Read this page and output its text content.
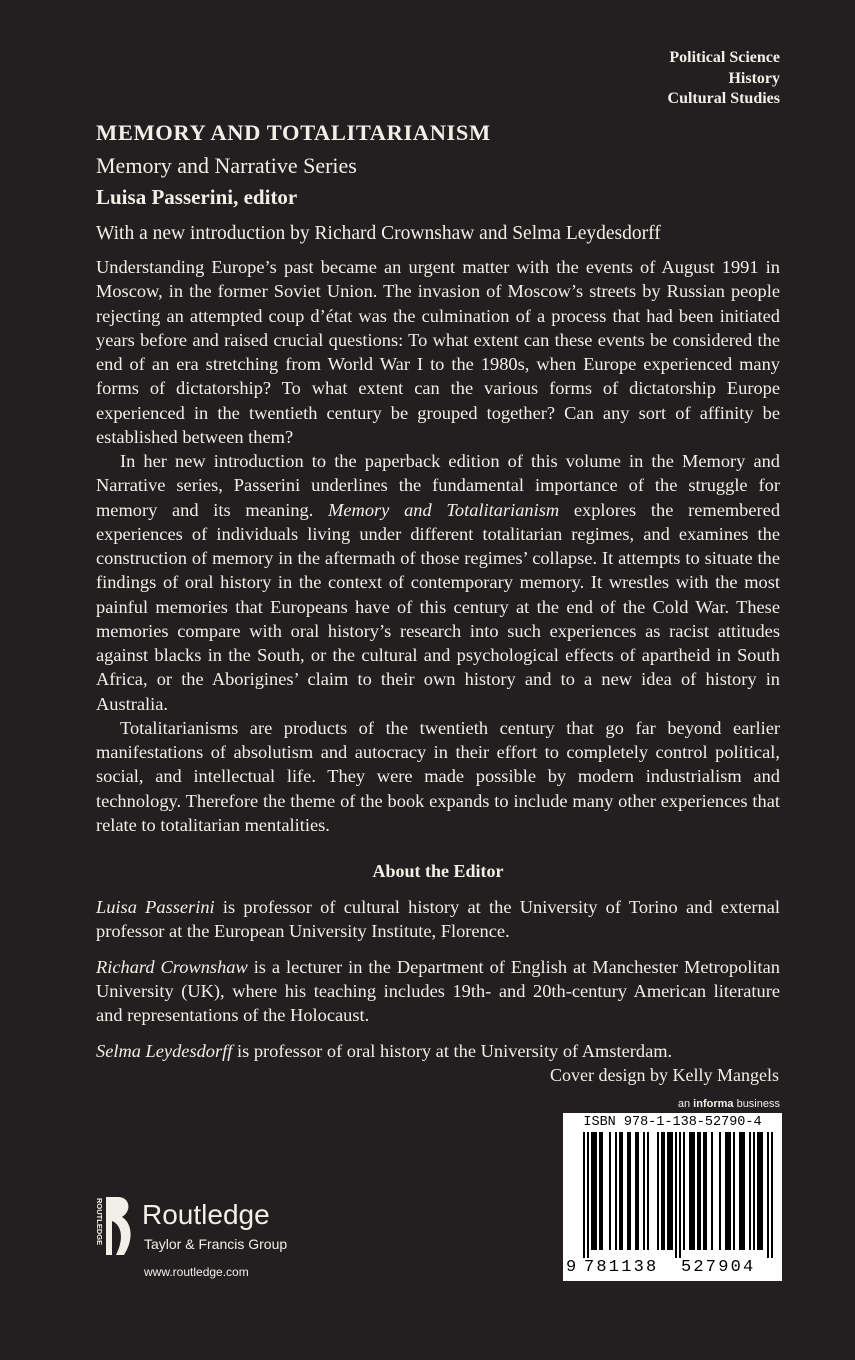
Political Science
History
Cultural Studies
MEMORY AND TOTALITARIANISM
Memory and Narrative Series
Luisa Passerini, editor
With a new introduction by Richard Crownshaw and Selma Leydesdorff

Understanding Europe’s past became an urgent matter with the events of August 1991 in Moscow, in the former Soviet Union. The invasion of Moscow’s streets by Russian people rejecting an attempted coup d’état was the culmination of a process that had been initiated years before and raised crucial questions: To what extent can these events be considered the end of an era stretching from World War I to the 1980s, when Europe experienced many forms of dictatorship? To what extent can the various forms of dictatorship Europe experienced in the twentieth century be grouped together? Can any sort of affinity be established between them?

In her new introduction to the paperback edition of this volume in the Memory and Narrative series, Passerini underlines the fundamental importance of the struggle for memory and its meaning. Memory and Totalitarianism explores the remembered experiences of individuals living under different totalitarian regimes, and examines the construction of memory in the aftermath of those regimes’ collapse. It attempts to situate the findings of oral history in the context of contemporary memory. It wrestles with the most painful memories that Europeans have of this century at the end of the Cold War. These memories compare with oral history’s research into such experiences as racist attitudes against blacks in the South, or the cultural and psychological effects of apartheid in South Africa, or the Aborigines’ claim to their own history and to a new idea of history in Australia.

Totalitarianisms are products of the twentieth century that go far beyond earlier manifestations of absolutism and autocracy in their effort to completely control political, social, and intellectual life. They were made possible by modern industrialism and technology. Therefore the theme of the book expands to include many other experiences that relate to totalitarian mentalities.

About the Editor

Luisa Passerini is professor of cultural history at the University of Torino and external professor at the European University Institute, Florence.

Richard Crownshaw is a lecturer in the Department of English at Manchester Metropolitan University (UK), where his teaching includes 19th- and 20th-century American literature and representations of the Holocaust.

Selma Leydesdorff is professor of oral history at the University of Amsterdam.

Cover design by Kelly Mangels
an informa business
ISBN 978-1-138-52790-4
9 781138 527904
ROUTLEDGE Routledge
Taylor & Francis Group
www.routledge.com
